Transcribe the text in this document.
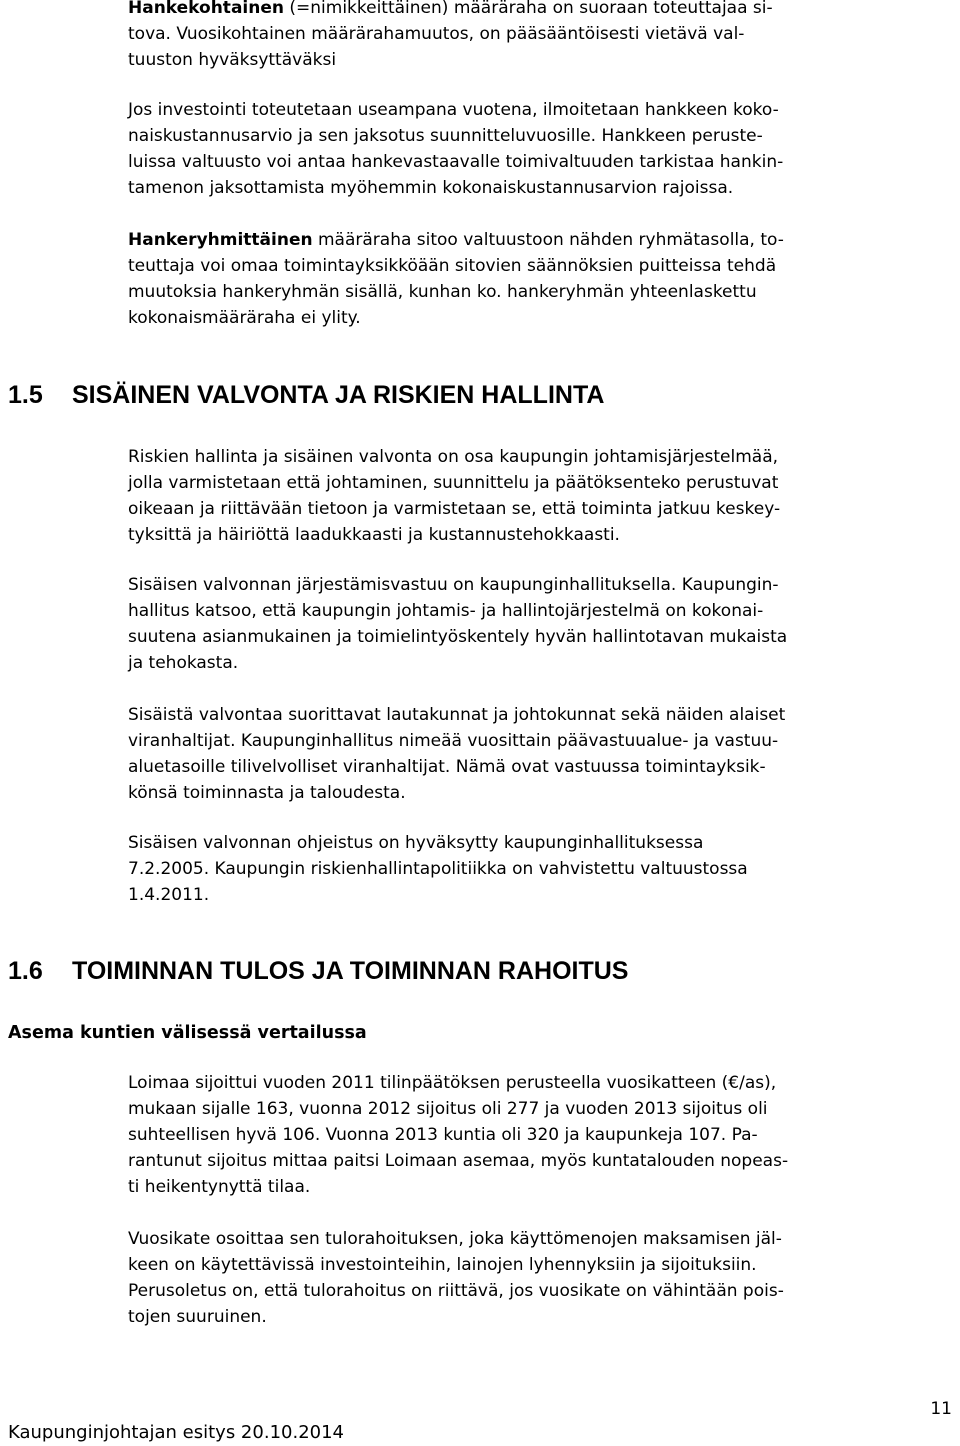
Hankekohtainen (=nimikkeittäinen) määräraha on suoraan toteuttajaa si-
tova. Vuosikohtainen määrärahamuutos, on pääsääntöisesti vietävä val-
tuuston hyväksyttäväksi
Jos investointi toteutetaan useampana vuotena, ilmoitetaan hankkeen koko-
naiskustannusarvio ja sen jaksotus suunnitteluvuosille. Hankkeen peruste-
luissa valtuusto voi antaa hankevastaavalle toimivaltuuden tarkistaa hankin-
tamenon jaksottamista myöhemmin kokonaiskustannusarvion rajoissa.
Hankeryhmittäinen määräraha sitoo valtuustoon nähden ryhmätasolla, to-
teuttaja voi omaa toimintayksikköään sitovien säännöksien puitteissa tehdä
muutoksia hankeryhmän sisällä, kunhan ko. hankeryhmän yhteenlaskettu
kokonaismääräraha ei ylity.
1.5 SISÄINEN VALVONTA JA RISKIEN HALLINTA
Riskien hallinta ja sisäinen valvonta on osa kaupungin johtamisjärjestelmää,
jolla varmistetaan että johtaminen, suunnittelu ja päätöksenteko perustuvat
oikeaan ja riittävään tietoon ja varmistetaan se, että toiminta jatkuu keskey-
tyksittä ja häiriöttä laadukkaasti ja kustannustehokkaasti.
Sisäisen valvonnan järjestämisvastuu on kaupunginhallituksella. Kaupungin-
hallitus katsoo, että kaupungin johtamis- ja hallintojärjestelmä on kokonai-
suutena asianmukainen ja toimielintyöskentely hyvän hallintotavan mukaista
ja tehokasta.
Sisäistä valvontaa suorittavat lautakunnat ja johtokunnat sekä näiden alaiset
viranhaltijat. Kaupunginhallitus nimeää vuosittain päävastuualue- ja vastuu-
aluetasoille tilivelvolliset viranhaltijat. Nämä ovat vastuussa toimintayksik-
könsä toiminnasta ja taloudesta.
Sisäisen valvonnan ohjeistus on hyväksytty kaupunginhallituksessa
7.2.2005. Kaupungin riskienhallintapolitiikka on vahvistettu valtuustossa
1.4.2011.
1.6 TOIMINNAN TULOS JA TOIMINNAN RAHOITUS
Asema kuntien välisessä vertailussa
Loimaa sijoittui vuoden 2011 tilinpäätöksen perusteella vuosikatteen (€/as),
mukaan sijalle 163, vuonna 2012 sijoitus oli 277 ja vuoden 2013 sijoitus oli
suhteellisen hyvä 106. Vuonna 2013 kuntia oli 320 ja kaupunkeja 107. Pa-
rantunut sijoitus mittaa paitsi Loimaan asemaa, myös kuntatalouden nopeas-
ti heikentynyttä tilaa.
Vuosikate osoittaa sen tulorahoituksen, joka käyttömenojen maksamisen jäl-
keen on käytettävissä investointeihin, lainojen lyhennyksiin ja sijoituksiin.
Perusoletus on, että tulorahoitus on riittävä, jos vuosikate on vähintään pois-
tojen suuruinen.
11
Kaupunginjohtajan esitys 20.10.2014
